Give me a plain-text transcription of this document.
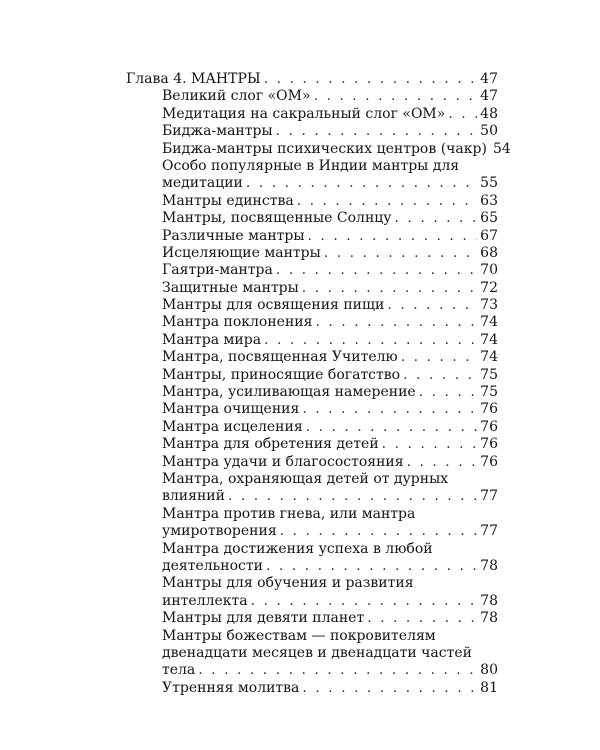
Глава 4. МАНТРЫ . . .	47
Великий слог «ОМ» . . .	47
Медитация на сакральный слог «ОМ» . . . 48
Биджа-мантры . . .	50
Биджа-мантры психических центров (чакр) 54
Особо популярные в Индии мантры для
медитации . . .	55
Мантры единства . . .	63
Мантры, посвященные Солнцу . . .	65
Различные мантры . . .	67
Исцеляющие мантры . . .	68
Гаятри-мантра . . .	70
Защитные мантры . . .	72
Мантры для освящения пищи . . .	73
Мантра поклонения . . .	74
Мантра мира . . .	74
Мантра, посвященная Учителю . . .	74
Мантры, приносящие богатство . . .	75
Мантра, усиливающая намерение . . .	75
Мантра очищения . . .	76
Мантра исцеления . . .	76
Мантра для обретения детей . . .	76
Мантра удачи и благосостояния . . .	76
Мантра, охраняющая детей от дурных
влияний . . .	77
Мантра против гнева, или мантра
умиротворения . . .	77
Мантра достижения успеха в любой
деятельности . . .	78
Мантры для обучения и развития
интеллекта . . .	78
Мантры для девяти планет . . .	78
Мантры божествам — покровителям
двенадцати месяцев и двенадцати частей
тела . . .	80
Утренняя молитва . . .	81
